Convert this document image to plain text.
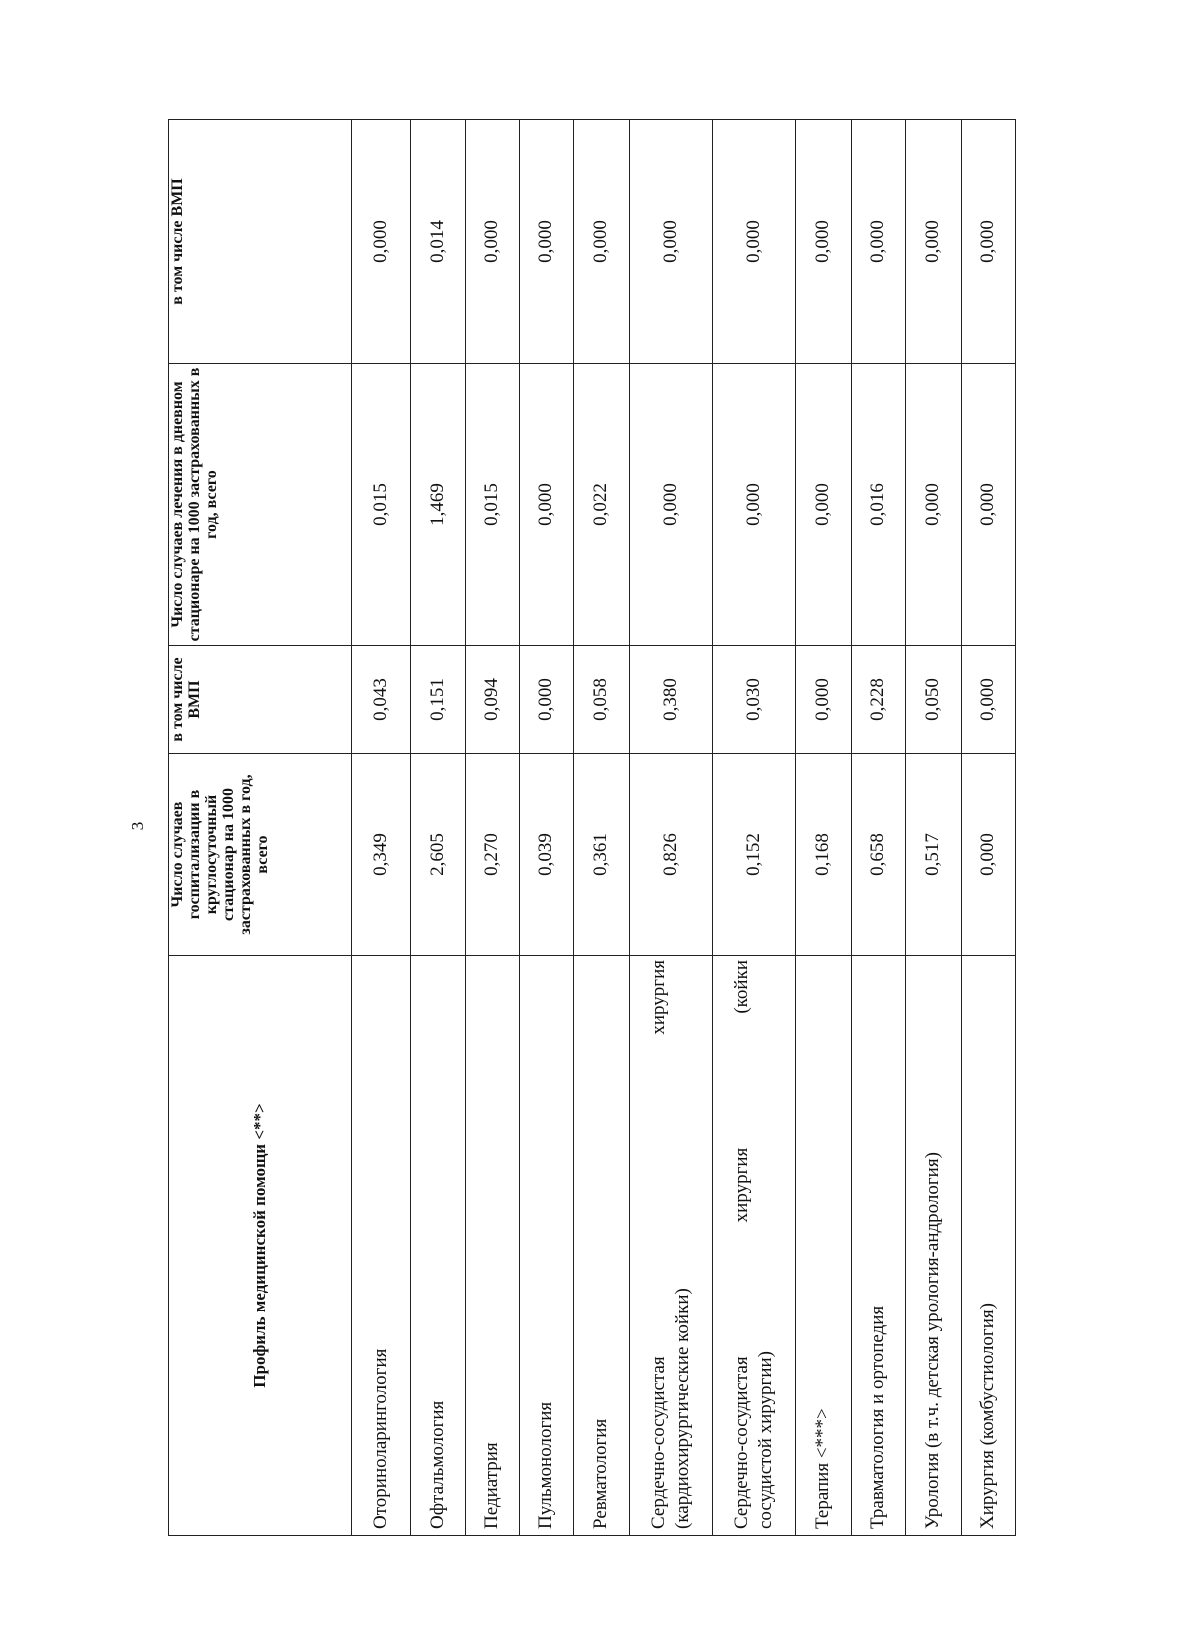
3
Профиль медицинской помощи <**>	Число случаев госпитализации в круглосуточный стационар на 1000 застрахованных в год, всего	в том числе ВМП	Число случаев лечения в дневном стационаре на 1000 застрахованных в год, всего	в том числе ВМП

Оториноларингология	0,349	0,043	0,015	0,000
Офтальмология	2,605	0,151	1,469	0,014
Педиатрия	0,270	0,094	0,015	0,000
Пульмонология	0,039	0,000	0,000	0,000
Ревматология	0,361	0,058	0,022	0,000

Сердечно-сосудистая
хирургия
(кардиохирургические койки)	0,826	0,380	0,000	0,000

Сердечно-сосудистая
хирургия
(койки
сосудистой хирургии)	0,152	0,030	0,000	0,000
Терапия <***>	0,168	0,000	0,000	0,000
Травматология и ортопедия	0,658	0,228	0,016	0,000
Урология (в т.ч. детская урология-андрология)	0,517	0,050	0,000	0,000
Хирургия (комбустиология)	0,000	0,000	0,000	0,000
